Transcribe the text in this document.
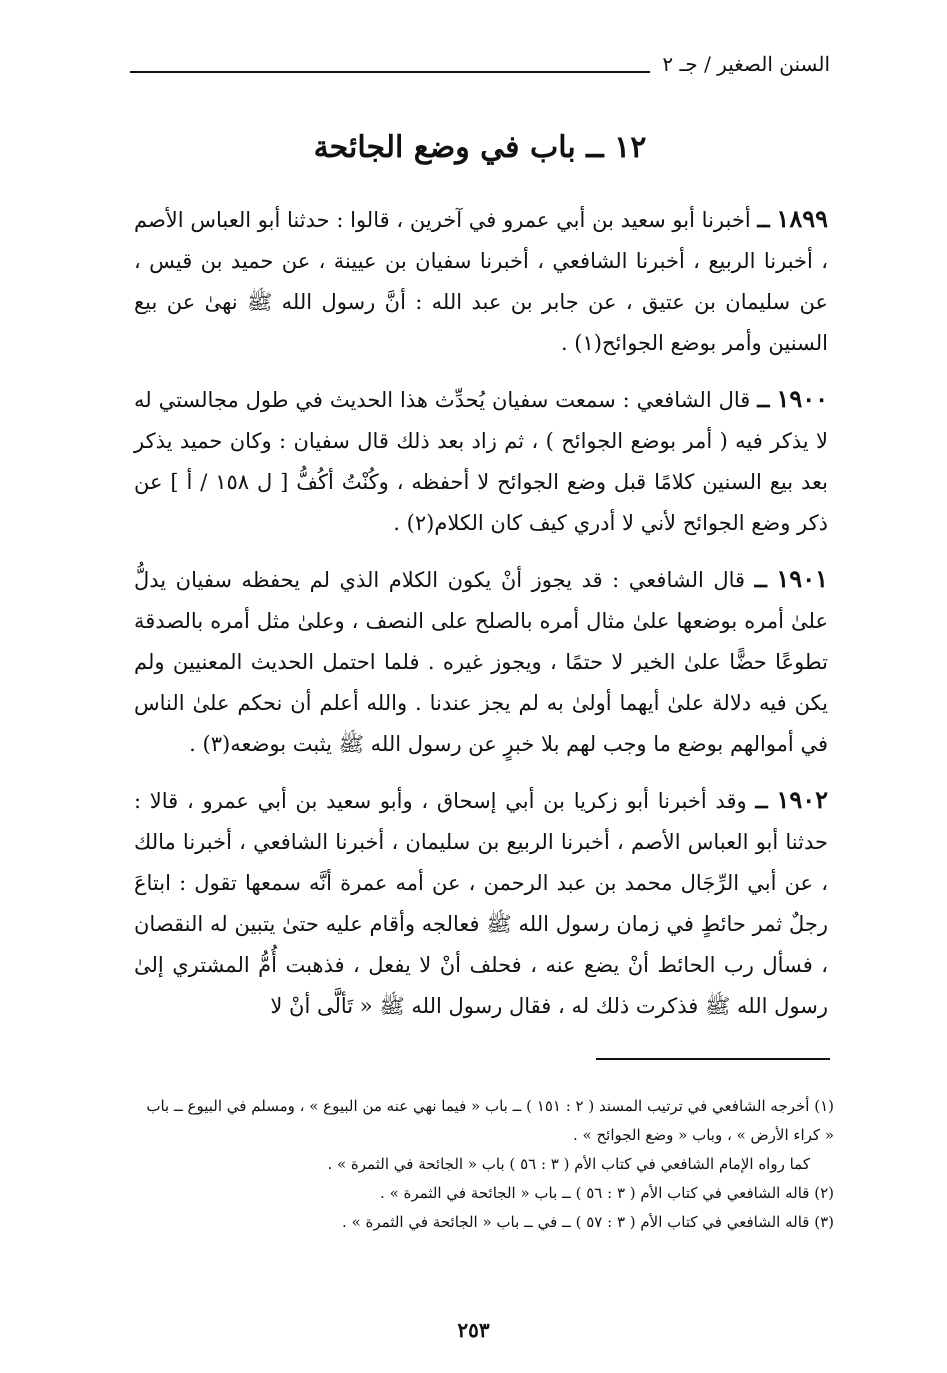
السنن الصغير / جـ ٢
١٢ ــ باب في وضع الجائحة

١٨٩٩ ــ أخبرنا أبو سعيد بن أبي عمرو في آخرين ، قالوا : حدثنا أبو العباس الأصم ، أخبرنا الربيع ، أخبرنا الشافعي ، أخبرنا سفيان بن عيينة ، عن حميد بن قيس ، عن سليمان بن عتيق ، عن جابر بن عبد الله : أنَّ رسول الله ﷺ نهىٰ عن بيع السنين وأمر بوضع الجوائح(١) .

١٩٠٠ ــ قال الشافعي : سمعت سفيان يُحدِّث هذا الحديث في طول مجالستي له لا يذكر فيه ( أمر بوضع الجوائح ) ، ثم زاد بعد ذلك قال سفيان : وكان حميد يذكر بعد بيع السنين كلامًا قبل وضع الجوائح لا أحفظه ، وكُنْتُ أكُفُّ [ ل ١٥٨ / أ ] عن ذكر وضع الجوائح لأني لا أدري كيف كان الكلام(٢) .

١٩٠١ ــ قال الشافعي : قد يجوز أنْ يكون الكلام الذي لم يحفظه سفيان يدلُّ علىٰ أمره بوضعها علىٰ مثال أمره بالصلح على النصف ، وعلىٰ مثل أمره بالصدقة تطوعًا حضًّا علىٰ الخير لا حتمًا ، ويجوز غيره . فلما احتمل الحديث المعنيين ولم يكن فيه دلالة علىٰ أيهما أولىٰ به لم يجز عندنا . والله أعلم أن نحكم علىٰ الناس في أموالهم بوضع ما وجب لهم بلا خبرٍ عن رسول الله ﷺ يثبت بوضعه(٣) .

١٩٠٢ ــ وقد أخبرنا أبو زكريا بن أبي إسحاق ، وأبو سعيد بن أبي عمرو ، قالا : حدثنا أبو العباس الأصم ، أخبرنا الربيع بن سليمان ، أخبرنا الشافعي ، أخبرنا مالك ، عن أبي الرِّجَال محمد بن عبد الرحمن ، عن أمه عمرة أنَّه سمعها تقول : ابتاعَ رجلٌ ثمر حائطٍ في زمان رسول الله ﷺ فعالجه وأقام عليه حتىٰ يتبين له النقصان ، فسأل رب الحائط أنْ يضع عنه ، فحلف أنْ لا يفعل ، فذهبت أُمُّ المشتري إلىٰ رسول الله ﷺ فذكرت ذلك له ، فقال رسول الله ﷺ « تَألَّى أنْ لا

(١) أخرجه الشافعي في ترتيب المسند ( ٢ : ١٥١ ) ــ باب « فيما نهي عنه من البيوع » ، ومسلم في البيوع ــ باب « كراء الأرض » ، وباب « وضع الجوائح » .

كما رواه الإمام الشافعي في كتاب الأم ( ٣ : ٥٦ ) باب « الجائحة في الثمرة » .

(٢) قاله الشافعي في كتاب الأم ( ٣ : ٥٦ ) ــ باب « الجائحة في الثمرة » .

(٣) قاله الشافعي في كتاب الأم ( ٣ : ٥٧ ) ــ في ــ باب « الجائحة في الثمرة » .

٢٥٣
